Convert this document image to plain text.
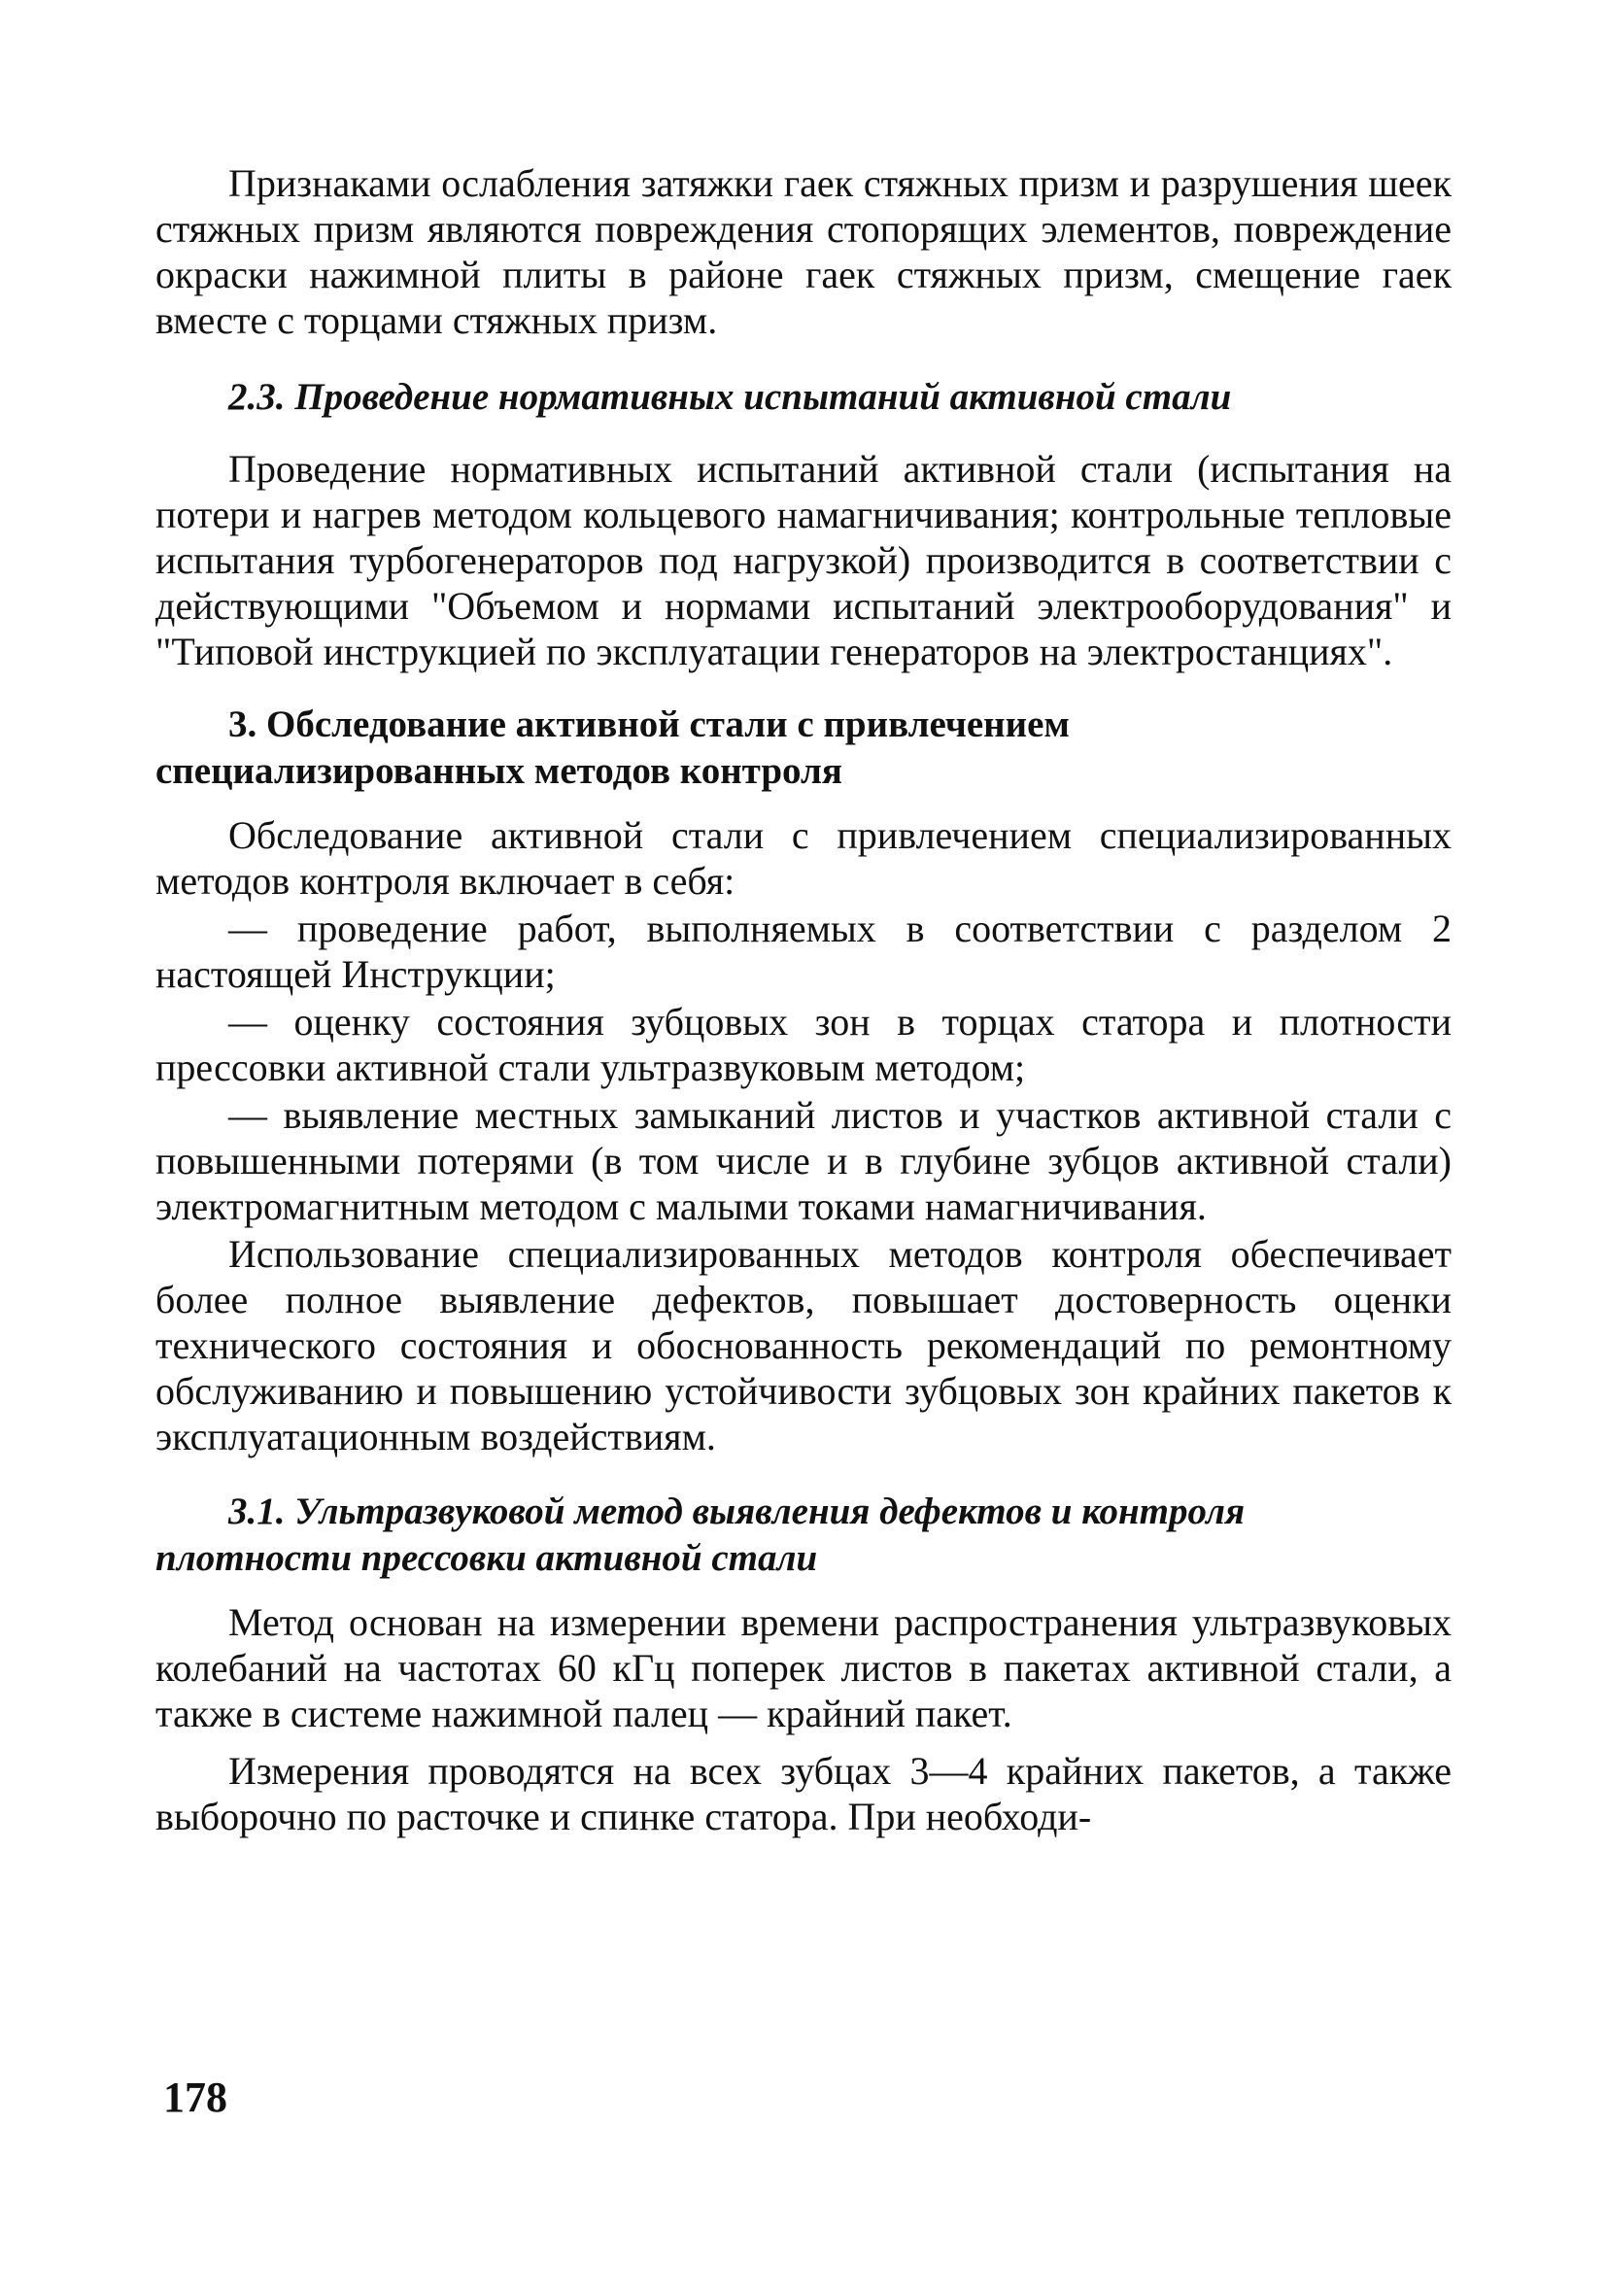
Признаками ослабления затяжки гаек стяжных призм и разрушения шеек стяжных призм являются повреждения стопорящих элементов, повреждение окраски нажимной плиты в районе гаек стяжных призм, смещение гаек вместе с торцами стяжных призм.

2.3. Проведение нормативных испытаний активной стали

Проведение нормативных испытаний активной стали (испытания на потери и нагрев методом кольцевого намагничивания; контрольные тепловые испытания турбогенераторов под нагрузкой) производится в соответствии с действующими "Объемом и нормами испытаний электрооборудования" и "Типовой инструкцией по эксплуатации генераторов на электростанциях".

3. Обследование активной стали с привлечением
специализированных методов контроля

Обследование активной стали с привлечением специализированных методов контроля включает в себя:

— проведение работ, выполняемых в соответствии с разделом 2 настоящей Инструкции;

— оценку состояния зубцовых зон в торцах статора и плотности прессовки активной стали ультразвуковым методом;

— выявление местных замыканий листов и участков активной стали с повышенными потерями (в том числе и в глубине зубцов активной стали) электромагнитным методом с малыми токами намагничивания.

Использование специализированных методов контроля обеспечивает более полное выявление дефектов, повышает достоверность оценки технического состояния и обоснованность рекомендаций по ремонтному обслуживанию и повышению устойчивости зубцовых зон крайних пакетов к эксплуатационным воздействиям.

3.1. Ультразвуковой метод выявления дефектов и контроля
плотности прессовки активной стали

Метод основан на измерении времени распространения ультразвуковых колебаний на частотах 60 кГц поперек листов в пакетах активной стали, а также в системе нажимной палец — крайний пакет.

Измерения проводятся на всех зубцах 3—4 крайних пакетов, а также выборочно по расточке и спинке статора. При необходи-

178
